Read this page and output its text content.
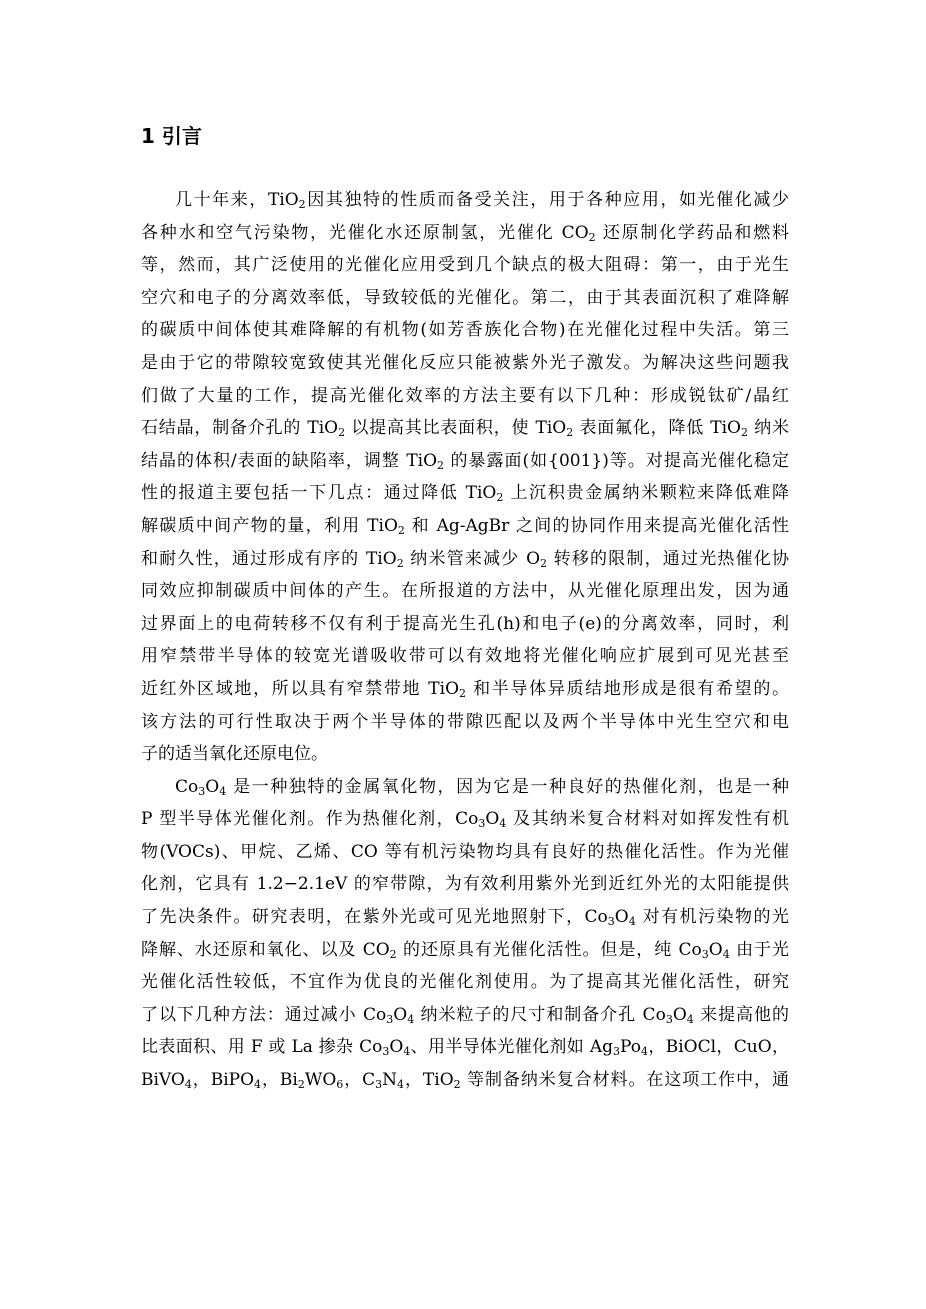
1 引言
几十年来，TiO$_2$因其独特的性质而备受关注，用于各种应用，如光催化减少
各种水和空气污染物，光催化水还原制氢，光催化 $CO_2$ 还原制化学药品和燃料
等，然而，其广泛使用的光催化应用受到几个缺点的极大阻碍：第一，由于光生
空穴和电子的分离效率低，导致较低的光催化。第二，由于其表面沉积了难降解
的碳质中间体使其难降解的有机物(如芳香族化合物)在光催化过程中失活。第三
是由于它的带隙较宽致使其光催化反应只能被紫外光子激发。为解决这些问题我
们做了大量的工作，提高光催化效率的方法主要有以下几种：形成锐钛矿/晶红
石结晶，制备介孔的 TiO$_2$ 以提高其比表面积，使 TiO$_2$ 表面氟化，降低 TiO$_2$ 纳米
结晶的体积/表面的缺陷率，调整 TiO$_2$ 的暴露面(如{001})等。对提高光催化稳定
性的报道主要包括一下几点：通过降低 TiO$_2$ 上沉积贵金属纳米颗粒来降低难降
解碳质中间产物的量，利用 TiO$_2$ 和 Ag-AgBr 之间的协同作用来提高光催化活性
和耐久性，通过形成有序的 TiO$_2$ 纳米管来减少 $O_2$ 转移的限制，通过光热催化协
同效应抑制碳质中间体的产生。在所报道的方法中，从光催化原理出发，因为通
过界面上的电荷转移不仅有利于提高光生孔(h)和电子(e)的分离效率，同时，利
用窄禁带半导体的较宽光谱吸收带可以有效地将光催化响应扩展到可见光甚至
近红外区域地，所以具有窄禁带地 TiO$_2$ 和半导体异质结地形成是很有希望的。
该方法的可行性取决于两个半导体的带隙匹配以及两个半导体中光生空穴和电
子的适当氧化还原电位。
$Co_3O_4$ 是一种独特的金属氧化物，因为它是一种良好的热催化剂，也是一种
P 型半导体光催化剂。作为热催化剂，$Co_3O_4$ 及其纳米复合材料对如挥发性有机
物(VOCs)、甲烷、乙烯、CO 等有机污染物均具有良好的热催化活性。作为光催
化剂，它具有 1.2−2.1eV 的窄带隙，为有效利用紫外光到近红外光的太阳能提供
了先决条件。研究表明，在紫外光或可见光地照射下，$Co_3O_4$ 对有机污染物的光
降解、水还原和氧化、以及 $CO_2$ 的还原具有光催化活性。但是，纯 $Co_3O_4$ 由于光
光催化活性较低，不宜作为优良的光催化剂使用。为了提高其光催化活性，研究
了以下几种方法：通过减小 $Co_3O_4$ 纳米粒子的尺寸和制备介孔 $Co_3O_4$ 来提高他的
比表面积、用 F 或 La 掺杂 $Co_3O_4$、用半导体光催化剂如 $Ag_3Po_4$，BiOCl，CuO，
BiVO$_4$，BiPO$_4$，$Bi_2WO_6$，$C_3N_4$，TiO$_2$ 等制备纳米复合材料。在这项工作中，通
